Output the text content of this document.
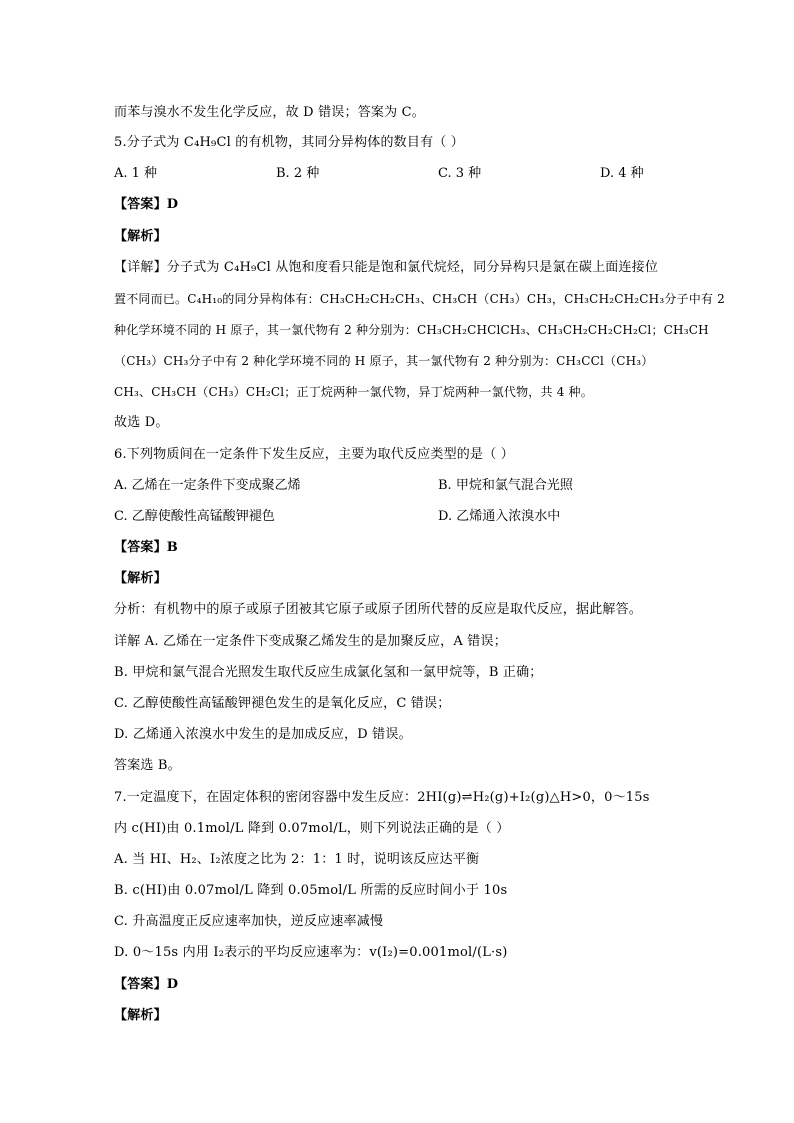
而苯与溴水不发生化学反应，故 D 错误；答案为 C。
5.分子式为 C₄H₉Cl 的有机物，其同分异构体的数目有（ ）
A. 1 种	B. 2 种	C. 3 种	D. 4 种
【答案】D
【解析】
【详解】分子式为 C₄H₉Cl 从饱和度看只能是饱和氯代烷烃，同分异构只是氯在碳上面连接位
置不同而已。C₄H₁₀的同分异构体有：CH₃CH₂CH₂CH₃、CH₃CH（CH₃）CH₃，CH₃CH₂CH₂CH₃分子中有 2
种化学环境不同的 H 原子，其一氯代物有 2 种分别为：CH₃CH₂CHClCH₃、CH₃CH₂CH₂CH₂Cl；CH₃CH
（CH₃）CH₃分子中有 2 种化学环境不同的 H 原子，其一氯代物有 2 种分别为：CH₃CCl（CH₃）
CH₃、CH₃CH（CH₃）CH₂Cl；正丁烷两种一氯代物，异丁烷两种一氯代物，共 4 种。
故选 D。
6.下列物质间在一定条件下发生反应，主要为取代反应类型的是（ ）
A. 乙烯在一定条件下变成聚乙烯	B. 甲烷和氯气混合光照
C. 乙醇使酸性高锰酸钾褪色	D. 乙烯通入浓溴水中
【答案】B
【解析】
分析：有机物中的原子或原子团被其它原子或原子团所代替的反应是取代反应，据此解答。
详解 A. 乙烯在一定条件下变成聚乙烯发生的是加聚反应，A 错误；
B. 甲烷和氯气混合光照发生取代反应生成氯化氢和一氯甲烷等，B 正确；
C. 乙醇使酸性高锰酸钾褪色发生的是氧化反应，C 错误；
D. 乙烯通入浓溴水中发生的是加成反应，D 错误。
答案选 B。
7.一定温度下，在固定体积的密闭容器中发生反应：2HI(g)⇌H₂(g)+I₂(g)△H>0，0～15s
内 c(HI)由 0.1mol/L 降到 0.07mol/L，则下列说法正确的是（ ）
A. 当 HI、H₂、I₂浓度之比为 2：1：1 时，说明该反应达平衡
B. c(HI)由 0.07mol/L 降到 0.05mol/L 所需的反应时间小于 10s
C. 升高温度正反应速率加快，逆反应速率减慢
D. 0～15s 内用 I₂表示的平均反应速率为：v(I₂)=0.001mol/(L·s)
【答案】D
【解析】
